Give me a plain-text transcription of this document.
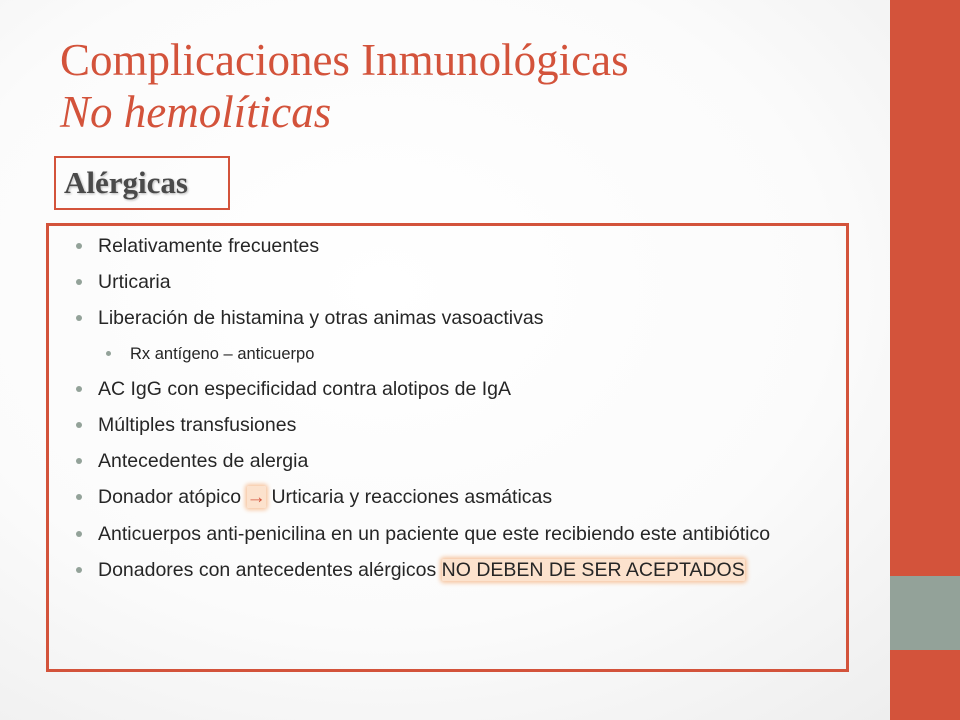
Complicaciones Inmunológicas
No hemolíticas
Alérgicas
Relativamente frecuentes
Urticaria
Liberación de histamina y otras animas vasoactivas
Rx antígeno – anticuerpo
AC IgG con especificidad contra alotipos de IgA
Múltiples transfusiones
Antecedentes de alergia
Donador atópico → Urticaria y reacciones asmáticas
Anticuerpos anti-penicilina en un paciente que este recibiendo este antibiótico
Donadores con antecedentes alérgicos NO DEBEN DE SER ACEPTADOS
